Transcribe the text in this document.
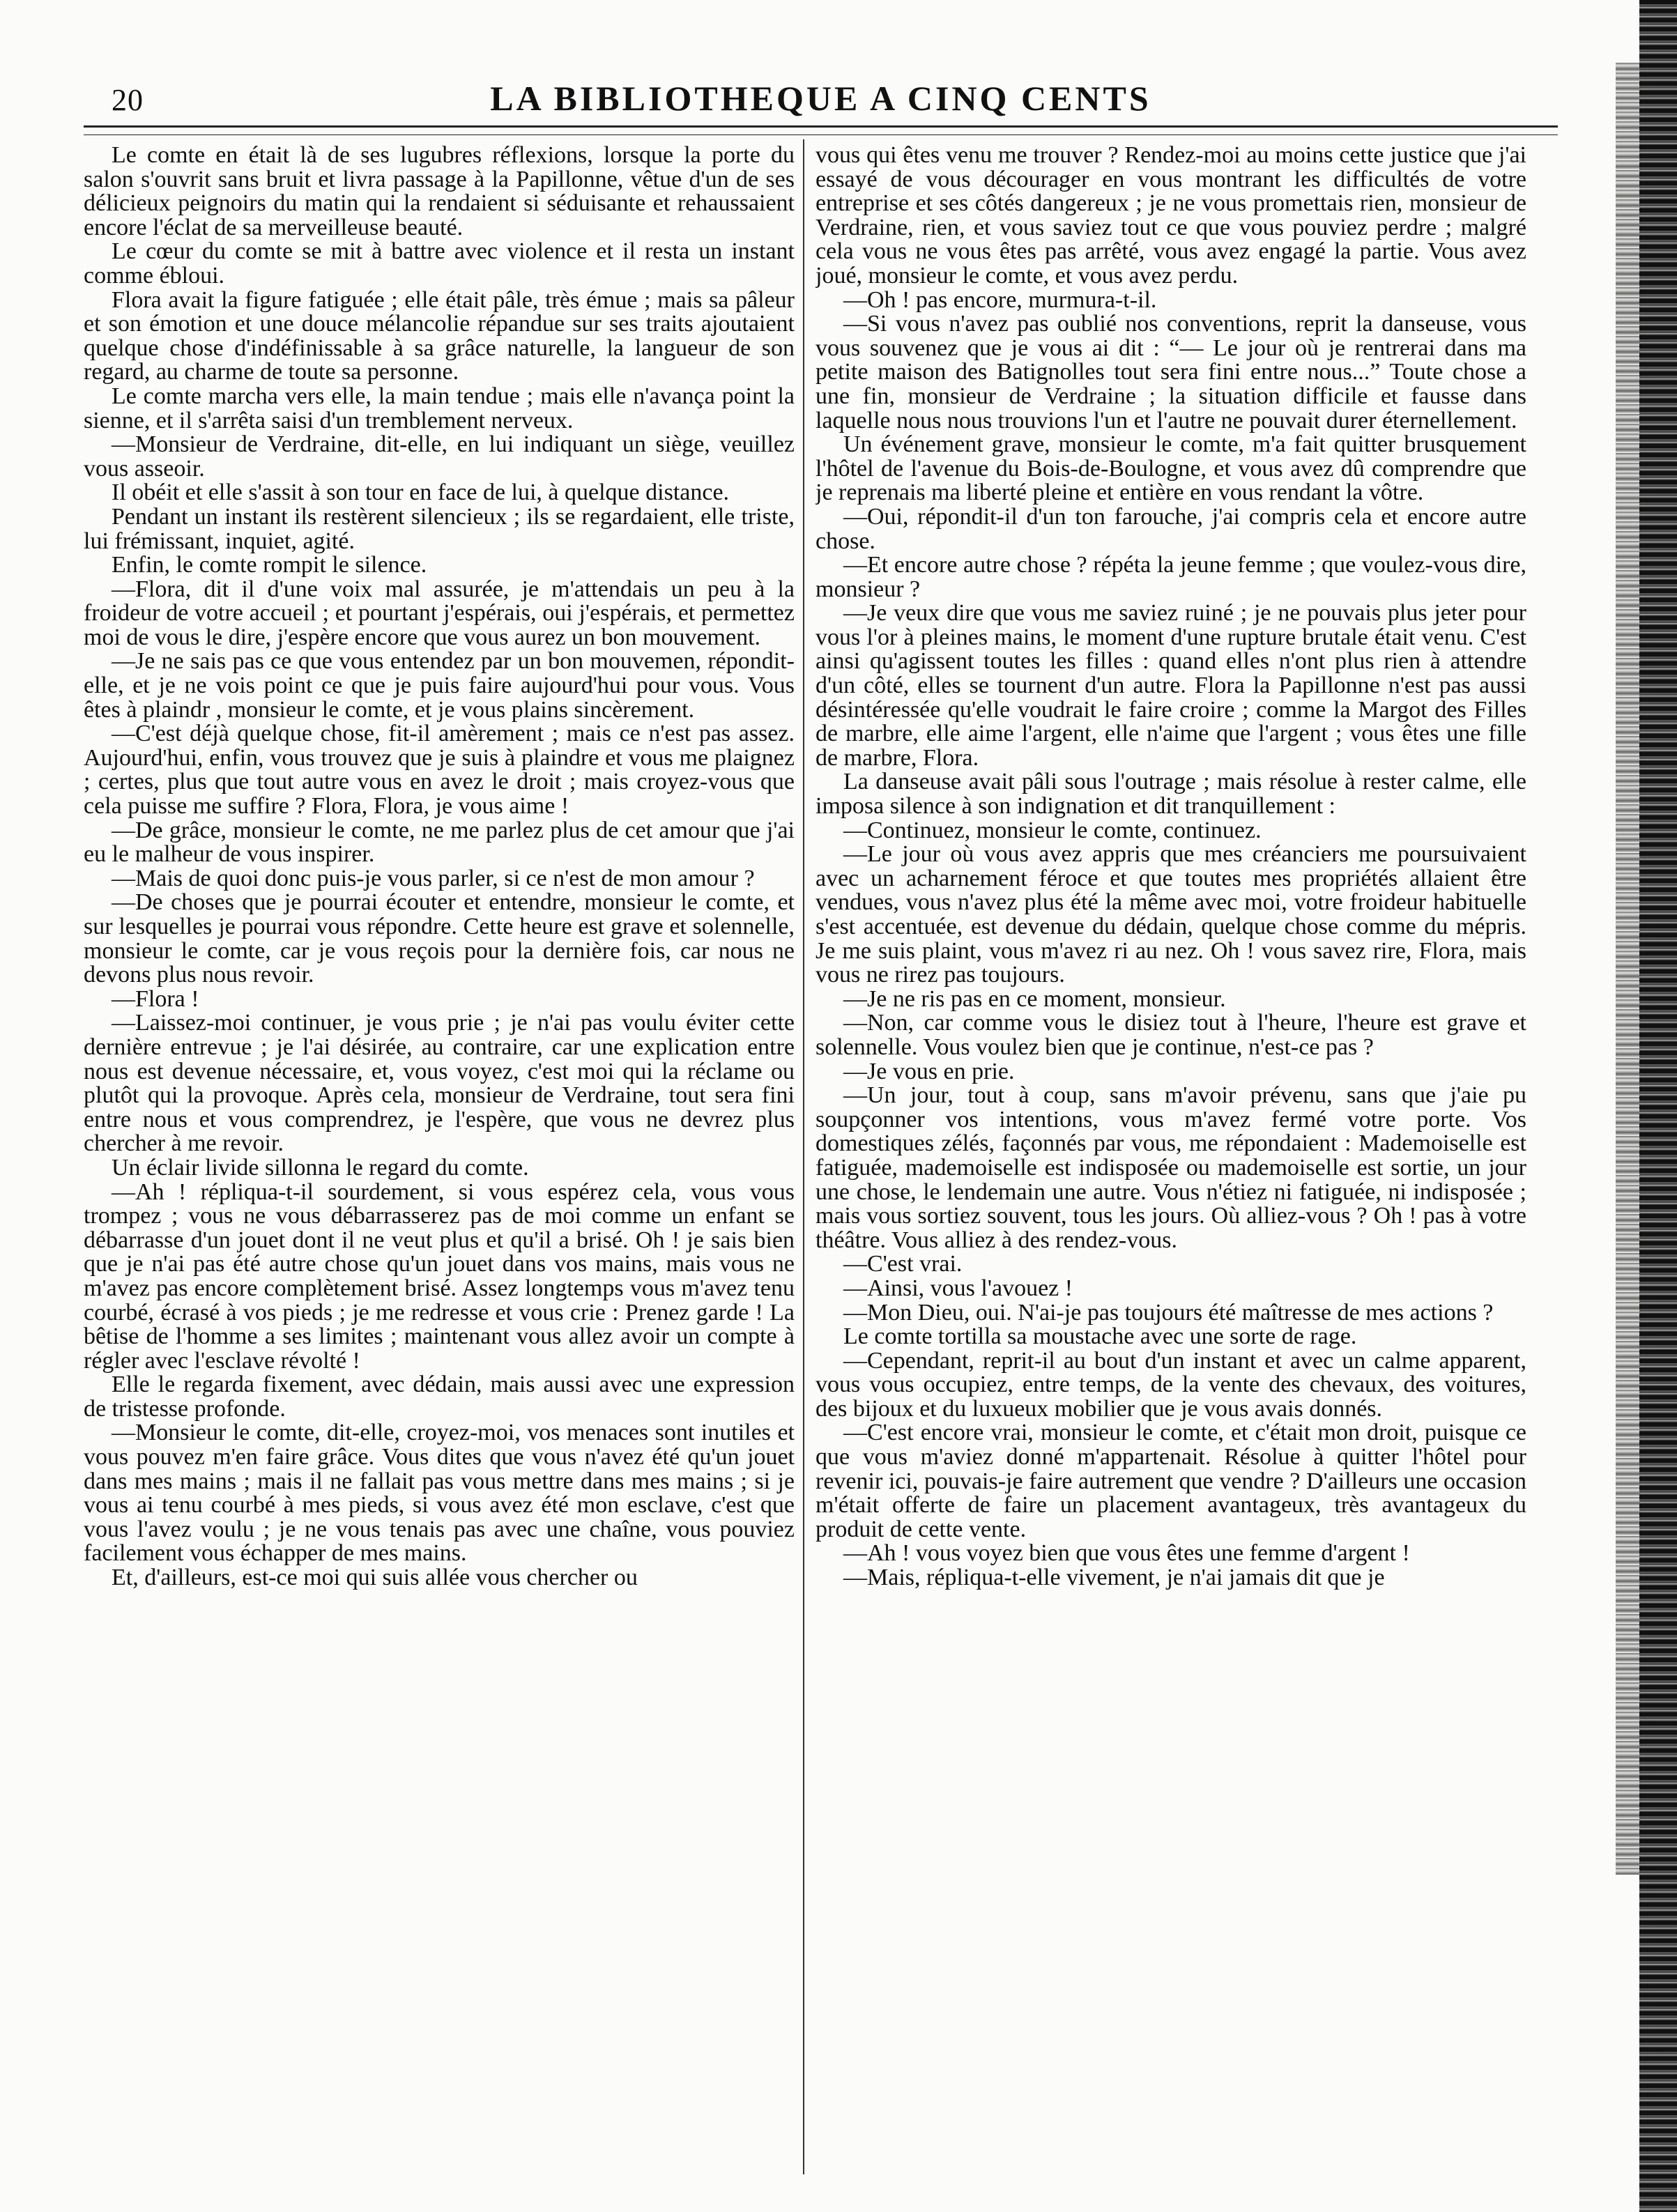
20	LA BIBLIOTHEQUE A CINQ CENTS

Le comte en était là de ses lugubres réflexions, lorsque la porte du salon s'ouvrit sans bruit et livra passage à la Papillonne, vêtue d'un de ses délicieux peignoirs du matin qui la rendaient si séduisante et rehaussaient encore l'éclat de sa merveilleuse beauté.

Le cœur du comte se mit à battre avec violence et il resta un instant comme ébloui.

Flora avait la figure fatiguée ; elle était pâle, très émue ; mais sa pâleur et son émotion et une douce mélancolie répandue sur ses traits ajoutaient quelque chose d'indéfinissable à sa grâce naturelle, la langueur de son regard, au charme de toute sa personne.

Le comte marcha vers elle, la main tendue ; mais elle n'avança point la sienne, et il s'arrêta saisi d'un tremblement nerveux.

—Monsieur de Verdraine, dit-elle, en lui indiquant un siège, veuillez vous asseoir.

Il obéit et elle s'assit à son tour en face de lui, à quelque distance.

Pendant un instant ils restèrent silencieux ; ils se regardaient, elle triste, lui frémissant, inquiet, agité.

Enfin, le comte rompit le silence.

—Flora, dit il d'une voix mal assurée, je m'attendais un peu à la froideur de votre accueil ; et pourtant j'espérais, oui j'espérais, et permettez moi de vous le dire, j'espère encore que vous aurez un bon mouvement.

—Je ne sais pas ce que vous entendez par un bon mouvemen, répondit-elle, et je ne vois point ce que je puis faire aujourd'hui pour vous. Vous êtes à plaindr , monsieur le comte, et je vous plains sincèrement.

—C'est déjà quelque chose, fit-il amèrement ; mais ce n'est pas assez. Aujourd'hui, enfin, vous trouvez que je suis à plaindre et vous me plaignez ; certes, plus que tout autre vous en avez le droit ; mais croyez-vous que cela puisse me suffire ? Flora, Flora, je vous aime !

—De grâce, monsieur le comte, ne me parlez plus de cet amour que j'ai eu le malheur de vous inspirer.

—Mais de quoi donc puis-je vous parler, si ce n'est de mon amour ?

—De choses que je pourrai écouter et entendre, monsieur le comte, et sur lesquelles je pourrai vous répondre. Cette heure est grave et solennelle, monsieur le comte, car je vous reçois pour la dernière fois, car nous ne devons plus nous revoir.

—Flora !

—Laissez-moi continuer, je vous prie ; je n'ai pas voulu éviter cette dernière entrevue ; je l'ai désirée, au contraire, car une explication entre nous est devenue nécessaire, et, vous voyez, c'est moi qui la réclame ou plutôt qui la provoque. Après cela, monsieur de Verdraine, tout sera fini entre nous et vous comprendrez, je l'espère, que vous ne devrez plus chercher à me revoir.

Un éclair livide sillonna le regard du comte.

—Ah ! répliqua-t-il sourdement, si vous espérez cela, vous vous trompez ; vous ne vous débarrasserez pas de moi comme un enfant se débarrasse d'un jouet dont il ne veut plus et qu'il a brisé. Oh ! je sais bien que je n'ai pas été autre chose qu'un jouet dans vos mains, mais vous ne m'avez pas encore complètement brisé. Assez longtemps vous m'avez tenu courbé, écrasé à vos pieds ; je me redresse et vous crie : Prenez garde ! La bêtise de l'homme a ses limites ; maintenant vous allez avoir un compte à régler avec l'esclave révolté !

Elle le regarda fixement, avec dédain, mais aussi avec une expression de tristesse profonde.

—Monsieur le comte, dit-elle, croyez-moi, vos menaces sont inutiles et vous pouvez m'en faire grâce. Vous dites que vous n'avez été qu'un jouet dans mes mains ; mais il ne fallait pas vous mettre dans mes mains ; si je vous ai tenu courbé à mes pieds, si vous avez été mon esclave, c'est que vous l'avez voulu ; je ne vous tenais pas avec une chaîne, vous pouviez facilement vous échapper de mes mains.

Et, d'ailleurs, est-ce moi qui suis allée vous chercher ou

vous qui êtes venu me trouver ? Rendez-moi au moins cette justice que j'ai essayé de vous décourager en vous montrant les difficultés de votre entreprise et ses côtés dangereux ; je ne vous promettais rien, monsieur de Verdraine, rien, et vous saviez tout ce que vous pouviez perdre ; malgré cela vous ne vous êtes pas arrêté, vous avez engagé la partie. Vous avez joué, monsieur le comte, et vous avez perdu.

—Oh ! pas encore, murmura-t-il.

—Si vous n'avez pas oublié nos conventions, reprit la danseuse, vous vous souvenez que je vous ai dit : “— Le jour où je rentrerai dans ma petite maison des Batignolles tout sera fini entre nous...” Toute chose a une fin, monsieur de Verdraine ; la situation difficile et fausse dans laquelle nous nous trouvions l'un et l'autre ne pouvait durer éternellement.

Un événement grave, monsieur le comte, m'a fait quitter brusquement l'hôtel de l'avenue du Bois-de-Boulogne, et vous avez dû comprendre que je reprenais ma liberté pleine et entière en vous rendant la vôtre.

—Oui, répondit-il d'un ton farouche, j'ai compris cela et encore autre chose.

—Et encore autre chose ? répéta la jeune femme ; que voulez-vous dire, monsieur ?

—Je veux dire que vous me saviez ruiné ; je ne pouvais plus jeter pour vous l'or à pleines mains, le moment d'une rupture brutale était venu. C'est ainsi qu'agissent toutes les filles : quand elles n'ont plus rien à attendre d'un côté, elles se tournent d'un autre. Flora la Papillonne n'est pas aussi désintéressée qu'elle voudrait le faire croire ; comme la Margot des Filles de marbre, elle aime l'argent, elle n'aime que l'argent ; vous êtes une fille de marbre, Flora.

La danseuse avait pâli sous l'outrage ; mais résolue à rester calme, elle imposa silence à son indignation et dit tranquillement :

—Continuez, monsieur le comte, continuez.

—Le jour où vous avez appris que mes créanciers me poursuivaient avec un acharnement féroce et que toutes mes propriétés allaient être vendues, vous n'avez plus été la même avec moi, votre froideur habituelle s'est accentuée, est devenue du dédain, quelque chose comme du mépris. Je me suis plaint, vous m'avez ri au nez. Oh ! vous savez rire, Flora, mais vous ne rirez pas toujours.

—Je ne ris pas en ce moment, monsieur.

—Non, car comme vous le disiez tout à l'heure, l'heure est grave et solennelle. Vous voulez bien que je continue, n'est-ce pas ?

—Je vous en prie.

—Un jour, tout à coup, sans m'avoir prévenu, sans que j'aie pu soupçonner vos intentions, vous m'avez fermé votre porte. Vos domestiques zélés, façonnés par vous, me répondaient : Mademoiselle est fatiguée, mademoiselle est indisposée ou mademoiselle est sortie, un jour une chose, le lendemain une autre. Vous n'étiez ni fatiguée, ni indisposée ; mais vous sortiez souvent, tous les jours. Où alliez-vous ? Oh ! pas à votre théâtre. Vous alliez à des rendez-vous.

—C'est vrai.

—Ainsi, vous l'avouez !

—Mon Dieu, oui. N'ai-je pas toujours été maîtresse de mes actions ?

Le comte tortilla sa moustache avec une sorte de rage.

—Cependant, reprit-il au bout d'un instant et avec un calme apparent, vous vous occupiez, entre temps, de la vente des chevaux, des voitures, des bijoux et du luxueux mobilier que je vous avais donnés.

—C'est encore vrai, monsieur le comte, et c'était mon droit, puisque ce que vous m'aviez donné m'appartenait. Résolue à quitter l'hôtel pour revenir ici, pouvais-je faire autrement que vendre ? D'ailleurs une occasion m'était offerte de faire un placement avantageux, très avantageux du produit de cette vente.

—Ah ! vous voyez bien que vous êtes une femme d'argent !

—Mais, répliqua-t-elle vivement, je n'ai jamais dit que je
